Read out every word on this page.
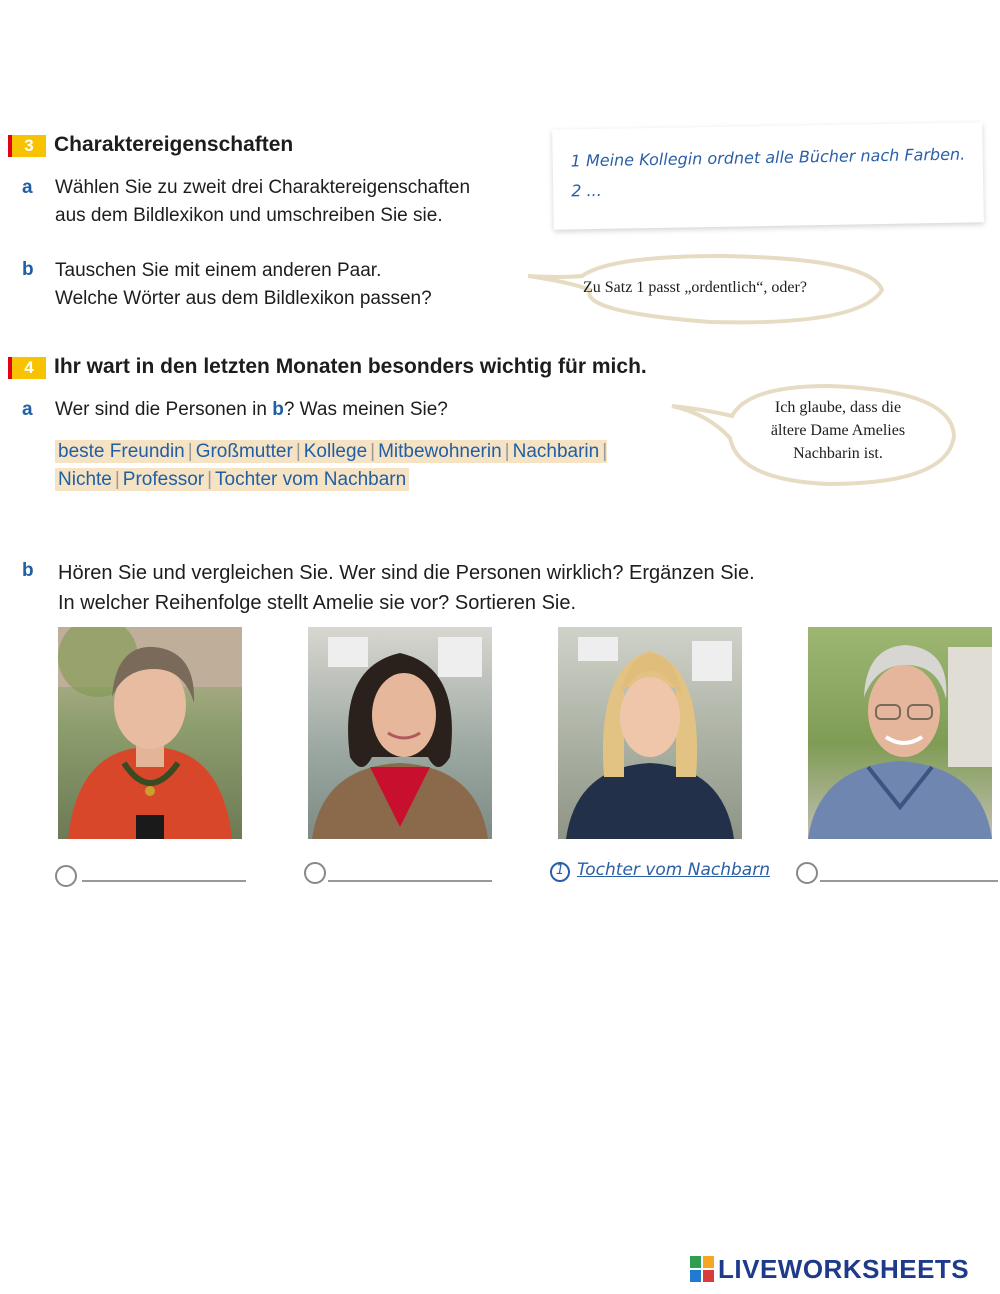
3 Charaktereigenschaften
a Wählen Sie zu zweit drei Charaktereigenschaften
aus dem Bildlexikon und umschreiben Sie sie.
1 Meine Kollegin ordnet alle Bücher nach Farben.
2 ...
b Tauschen Sie mit einem anderen Paar.
Welche Wörter aus dem Bildlexikon passen?
Zu Satz 1 passt „ordentlich“, oder?
4 Ihr wart in den letzten Monaten besonders wichtig für mich.
a Wer sind die Personen in b? Was meinen Sie?
beste Freundin | Großmutter | Kollege | Mitbewohnerin | Nachbarin |
Nichte | Professor | Tochter vom Nachbarn
Ich glaube, dass die
ältere Dame Amelies
Nachbarin ist.
b Hören Sie und vergleichen Sie. Wer sind die Personen wirklich? Ergänzen Sie.
In welcher Reihenfolge stellt Amelie sie vor? Sortieren Sie.
1 Tochter vom Nachbarn
LIVEWORKSHEETS
